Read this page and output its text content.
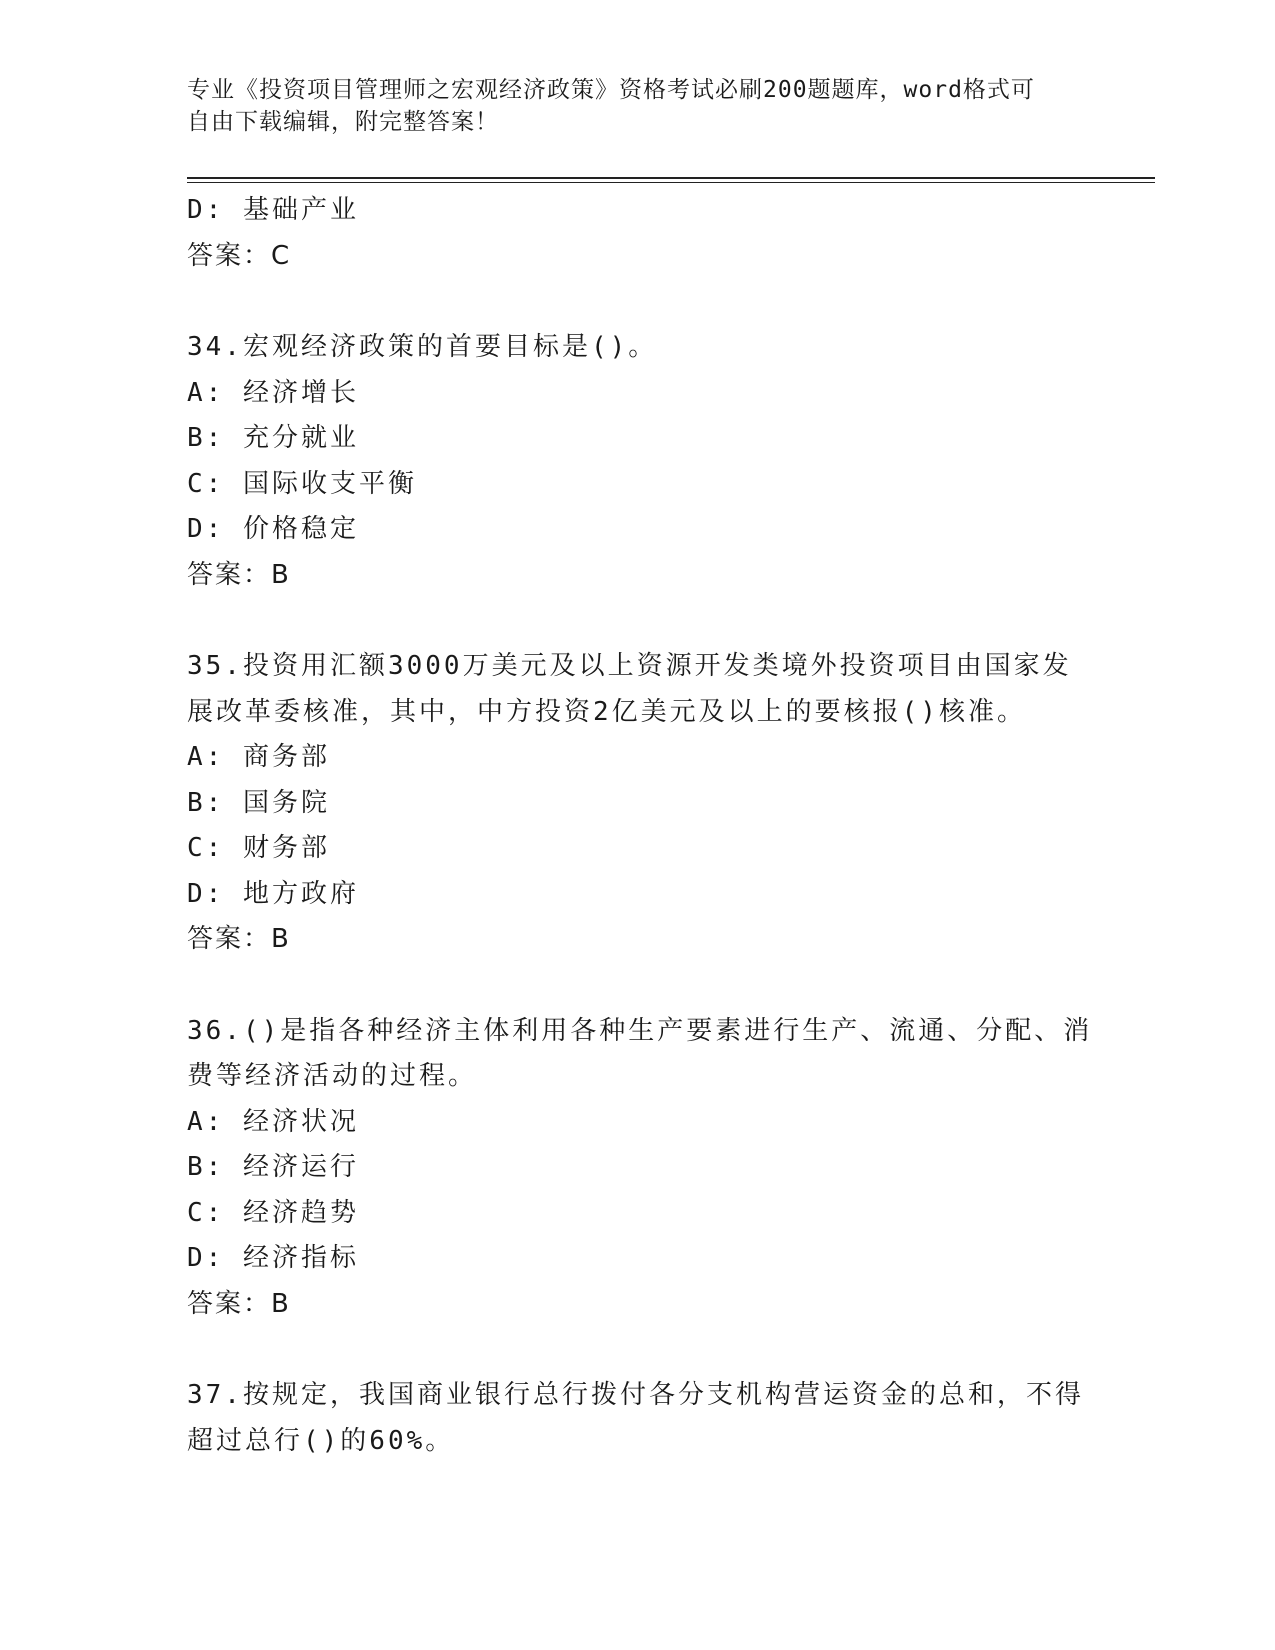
专业《投资项目管理师之宏观经济政策》资格考试必刷200题题库，word格式可
自由下载编辑，附完整答案！
D: 基础产业
答案：C
34.宏观经济政策的首要目标是()。
A: 经济增长
B: 充分就业
C: 国际收支平衡
D: 价格稳定
答案：B
35.投资用汇额3000万美元及以上资源开发类境外投资项目由国家发
展改革委核准，其中，中方投资2亿美元及以上的要核报()核准。
A: 商务部
B: 国务院
C: 财务部
D: 地方政府
答案：B
36.()是指各种经济主体利用各种生产要素进行生产、流通、分配、消
费等经济活动的过程。
A: 经济状况
B: 经济运行
C: 经济趋势
D: 经济指标
答案：B
37.按规定，我国商业银行总行拨付各分支机构营运资金的总和，不得
超过总行()的60%。
